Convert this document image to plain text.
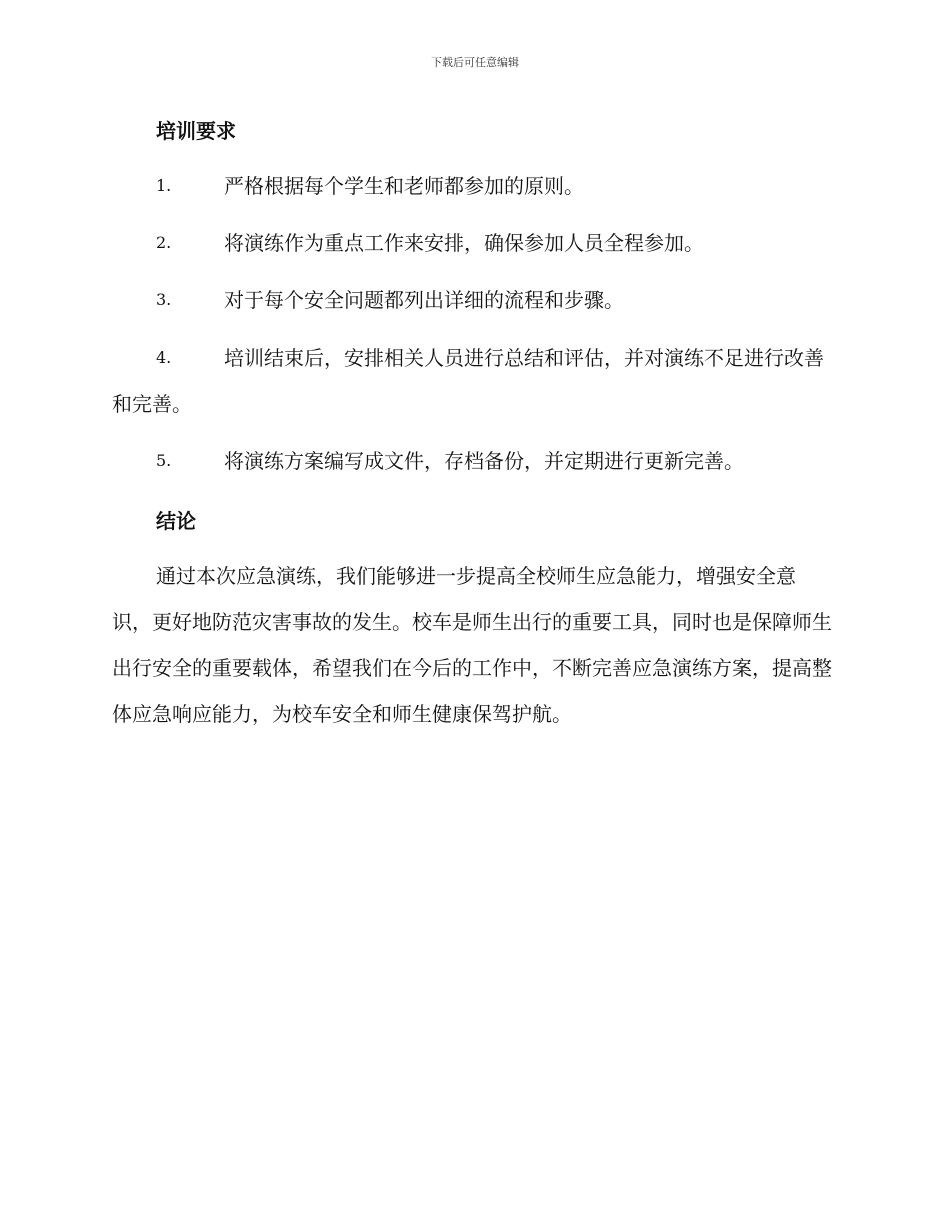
下载后可任意编辑
培训要求
1.	严格根据每个学生和老师都参加的原则。
2.	将演练作为重点工作来安排，确保参加人员全程参加。
3.	对于每个安全问题都列出详细的流程和步骤。
4.	培训结束后，安排相关人员进行总结和评估，并对演练不足进行改善和完善。
5.	将演练方案编写成文件，存档备份，并定期进行更新完善。
结论
通过本次应急演练，我们能够进一步提高全校师生应急能力，增强安全意识，更好地防范灾害事故的发生。校车是师生出行的重要工具，同时也是保障师生出行安全的重要载体，希望我们在今后的工作中，不断完善应急演练方案，提高整体应急响应能力，为校车安全和师生健康保驾护航。
